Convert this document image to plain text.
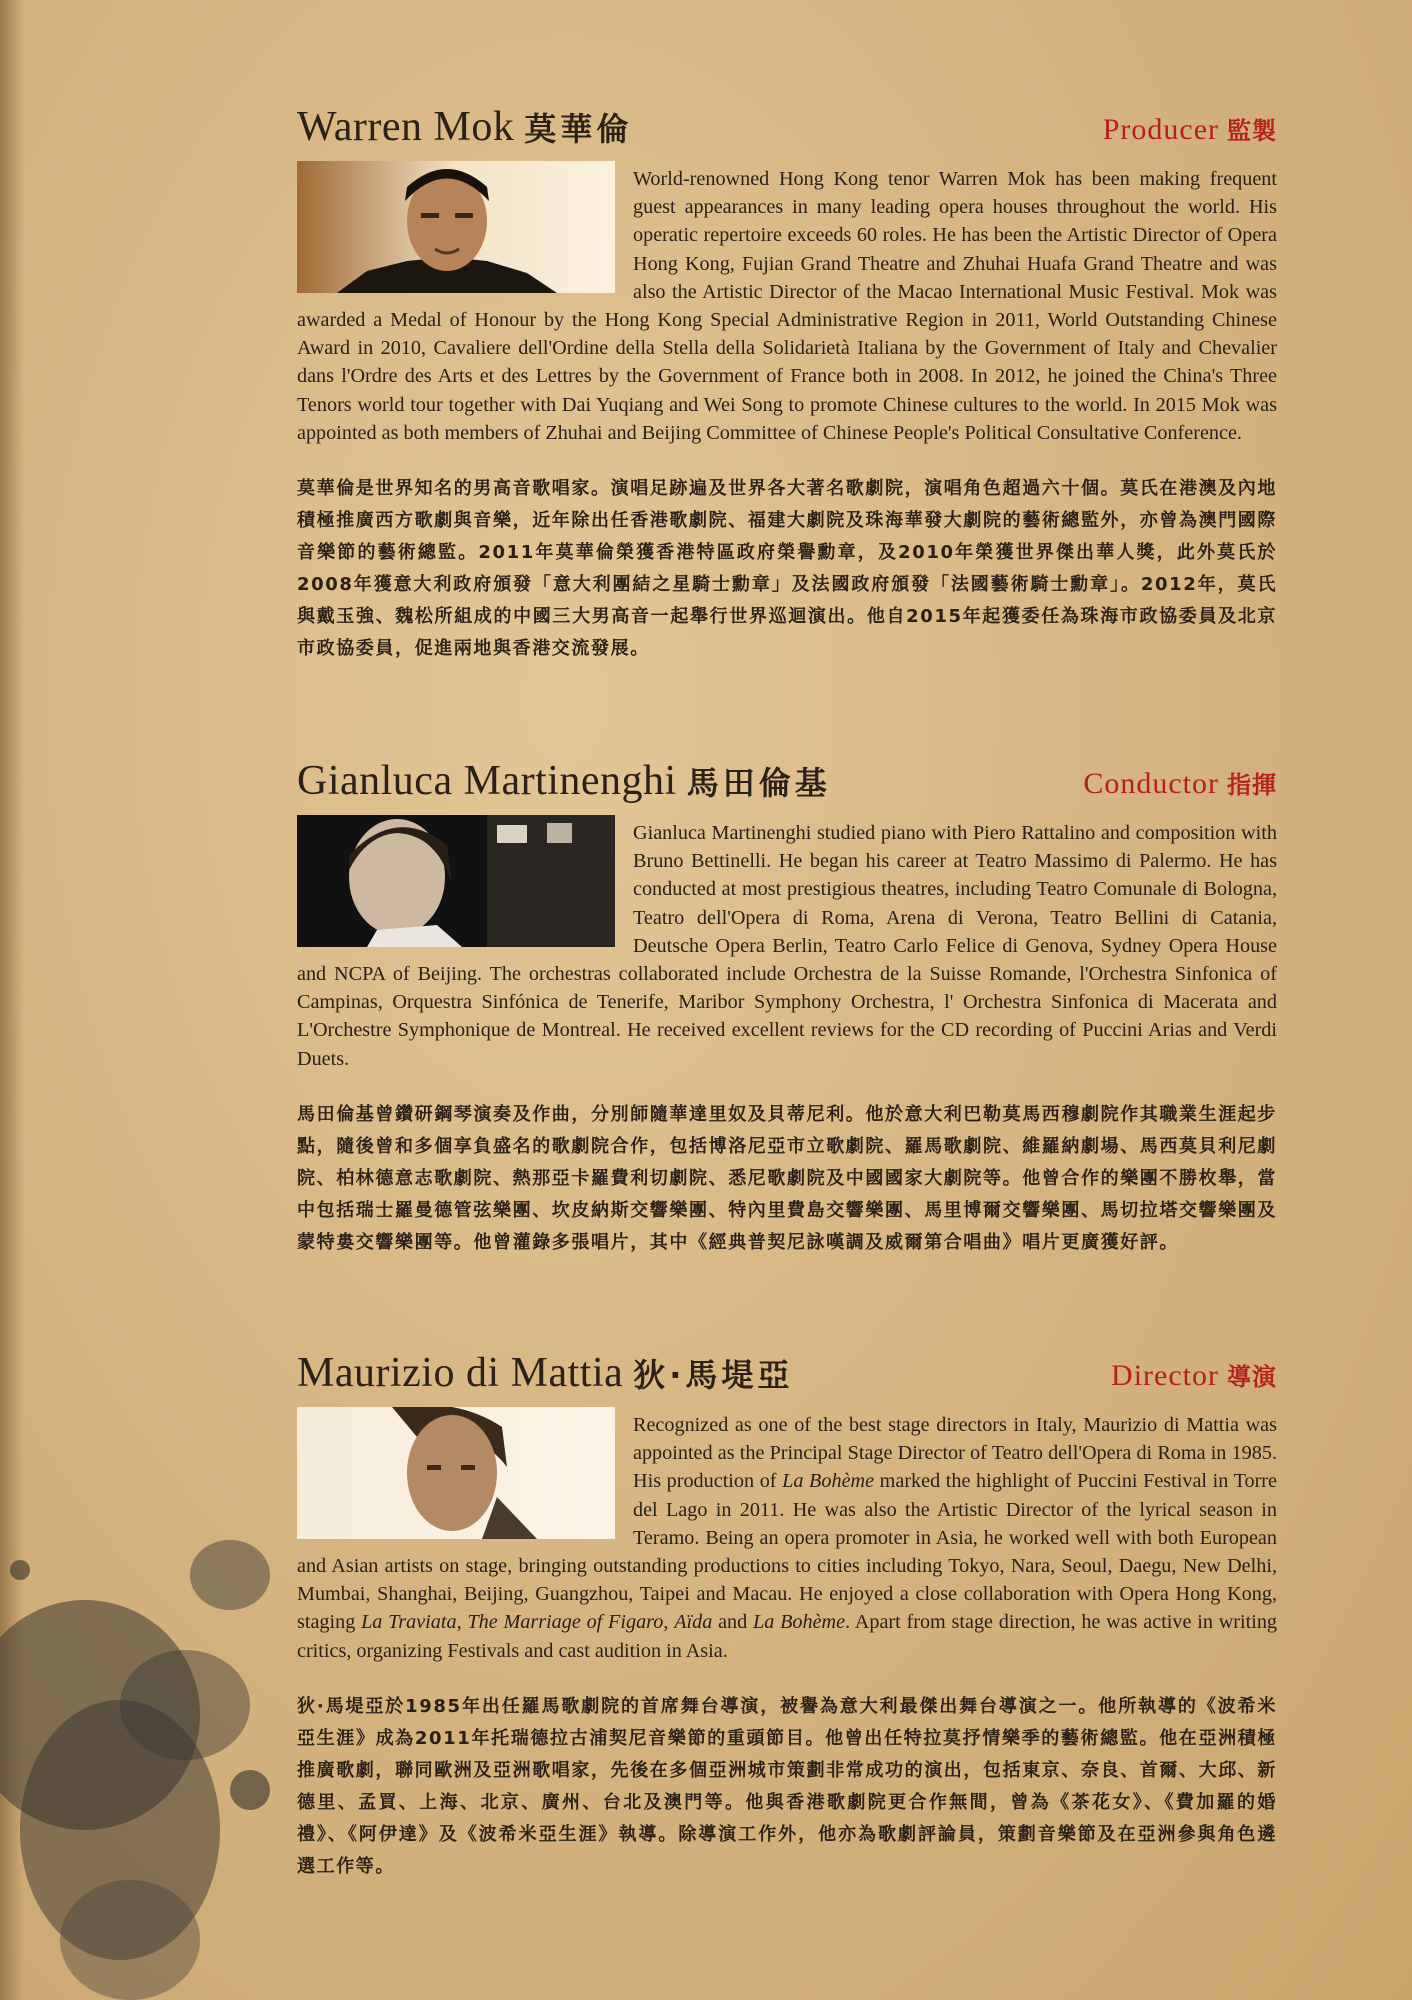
Warren Mok 莫華倫	Producer 監製

World-renowned Hong Kong tenor Warren Mok has been making frequent guest appearances in many leading opera houses throughout the world. His operatic repertoire exceeds 60 roles. He has been the Artistic Director of Opera Hong Kong, Fujian Grand Theatre and Zhuhai Huafa Grand Theatre and was also the Artistic Director of the Macao International Music Festival. Mok was awarded a Medal of Honour by the Hong Kong Special Administrative Region in 2011, World Outstanding Chinese Award in 2010, Cavaliere dell'Ordine della Stella della Solidarietà Italiana by the Government of Italy and Chevalier dans l'Ordre des Arts et des Lettres by the Government of France both in 2008. In 2012, he joined the China's Three Tenors world tour together with Dai Yuqiang and Wei Song to promote Chinese cultures to the world. In 2015 Mok was appointed as both members of Zhuhai and Beijing Committee of Chinese People's Political Consultative Conference.

莫華倫是世界知名的男高音歌唱家。演唱足跡遍及世界各大著名歌劇院，演唱角色超過六十個。莫氏在港澳及內地積極推廣西方歌劇與音樂，近年除出任香港歌劇院、福建大劇院及珠海華發大劇院的藝術總監外，亦曾為澳門國際音樂節的藝術總監。2011年莫華倫榮獲香港特區政府榮譽勳章，及2010年榮獲世界傑出華人獎，此外莫氏於2008年獲意大利政府頒發「意大利團結之星騎士勳章」及法國政府頒發「法國藝術騎士勳章」。2012年，莫氏與戴玉強、魏松所組成的中國三大男高音一起舉行世界巡迴演出。他自2015年起獲委任為珠海市政協委員及北京市政協委員，促進兩地與香港交流發展。

Gianluca Martinenghi 馬田倫基	Conductor 指揮

Gianluca Martinenghi studied piano with Piero Rattalino and composition with Bruno Bettinelli. He began his career at Teatro Massimo di Palermo. He has conducted at most prestigious theatres, including Teatro Comunale di Bologna, Teatro dell'Opera di Roma, Arena di Verona, Teatro Bellini di Catania, Deutsche Opera Berlin, Teatro Carlo Felice di Genova, Sydney Opera House and NCPA of Beijing. The orchestras collaborated include Orchestra de la Suisse Romande, l'Orchestra Sinfonica of Campinas, Orquestra Sinfónica de Tenerife, Maribor Symphony Orchestra, l' Orchestra Sinfonica di Macerata and L'Orchestre Symphonique de Montreal. He received excellent reviews for the CD recording of Puccini Arias and Verdi Duets.

馬田倫基曾鑽研鋼琴演奏及作曲，分別師隨華達里奴及貝蒂尼利。他於意大利巴勒莫馬西穆劇院作其職業生涯起步點，隨後曾和多個享負盛名的歌劇院合作，包括博洛尼亞市立歌劇院、羅馬歌劇院、維羅納劇場、馬西莫貝利尼劇院、柏林德意志歌劇院、熱那亞卡羅費利切劇院、悉尼歌劇院及中國國家大劇院等。他曾合作的樂團不勝枚舉，當中包括瑞士羅曼德管弦樂團、坎皮納斯交響樂團、特內里費島交響樂團、馬里博爾交響樂團、馬切拉塔交響樂團及蒙特婁交響樂團等。他曾灌錄多張唱片，其中《經典普契尼詠嘆調及威爾第合唱曲》唱片更廣獲好評。

Maurizio di Mattia 狄·馬堤亞	Director 導演

Recognized as one of the best stage directors in Italy, Maurizio di Mattia was appointed as the Principal Stage Director of Teatro dell'Opera di Roma in 1985. His production of La Bohème marked the highlight of Puccini Festival in Torre del Lago in 2011. He was also the Artistic Director of the lyrical season in Teramo. Being an opera promoter in Asia, he worked well with both European and Asian artists on stage, bringing outstanding productions to cities including Tokyo, Nara, Seoul, Daegu, New Delhi, Mumbai, Shanghai, Beijing, Guangzhou, Taipei and Macau. He enjoyed a close collaboration with Opera Hong Kong, staging La Traviata, The Marriage of Figaro, Aïda and La Bohème. Apart from stage direction, he was active in writing critics, organizing Festivals and cast audition in Asia.

狄·馬堤亞於1985年出任羅馬歌劇院的首席舞台導演，被譽為意大利最傑出舞台導演之一。他所執導的《波希米亞生涯》成為2011年托瑞德拉古浦契尼音樂節的重頭節目。他曾出任特拉莫抒情樂季的藝術總監。他在亞洲積極推廣歌劇，聯同歐洲及亞洲歌唱家，先後在多個亞洲城市策劃非常成功的演出，包括東京、奈良、首爾、大邱、新德里、孟買、上海、北京、廣州、台北及澳門等。他與香港歌劇院更合作無間，曾為《茶花女》、《費加羅的婚禮》、《阿伊達》及《波希米亞生涯》執導。除導演工作外，他亦為歌劇評論員，策劃音樂節及在亞洲參與角色遴選工作等。
